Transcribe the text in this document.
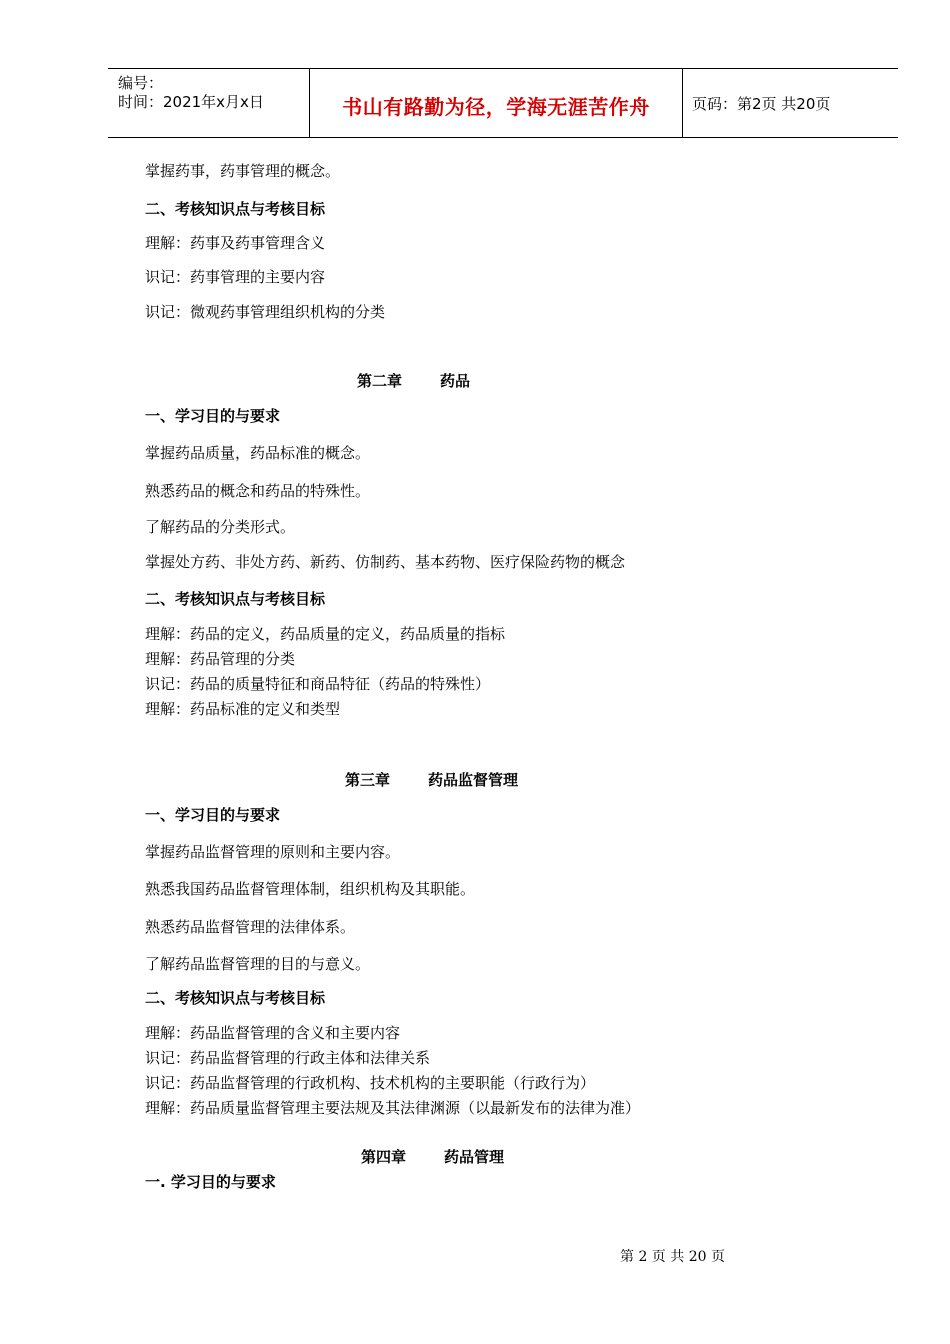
编号：
时间：2021年x月x日	书山有路勤为径，学海无涯苦作舟	页码：第2页 共20页
掌握药事，药事管理的概念。
二、考核知识点与考核目标
理解：药事及药事管理含义
识记：药事管理的主要内容
识记：微观药事管理组织机构的分类
第二章	药品
一、学习目的与要求
掌握药品质量，药品标准的概念。
熟悉药品的概念和药品的特殊性。
了解药品的分类形式。
掌握处方药、非处方药、新药、仿制药、基本药物、医疗保险药物的概念
二、考核知识点与考核目标
理解：药品的定义，药品质量的定义，药品质量的指标
理解：药品管理的分类
识记：药品的质量特征和商品特征（药品的特殊性）
理解：药品标准的定义和类型
第三章	药品监督管理
一、学习目的与要求
掌握药品监督管理的原则和主要内容。
熟悉我国药品监督管理体制，组织机构及其职能。
熟悉药品监督管理的法律体系。
了解药品监督管理的目的与意义。
二、考核知识点与考核目标
理解：药品监督管理的含义和主要内容
识记：药品监督管理的行政主体和法律关系
识记：药品监督管理的行政机构、技术机构的主要职能（行政行为）
理解：药品质量监督管理主要法规及其法律渊源（以最新发布的法律为准）
第四章	药品管理
一. 学习目的与要求
第 2 页 共 20 页
